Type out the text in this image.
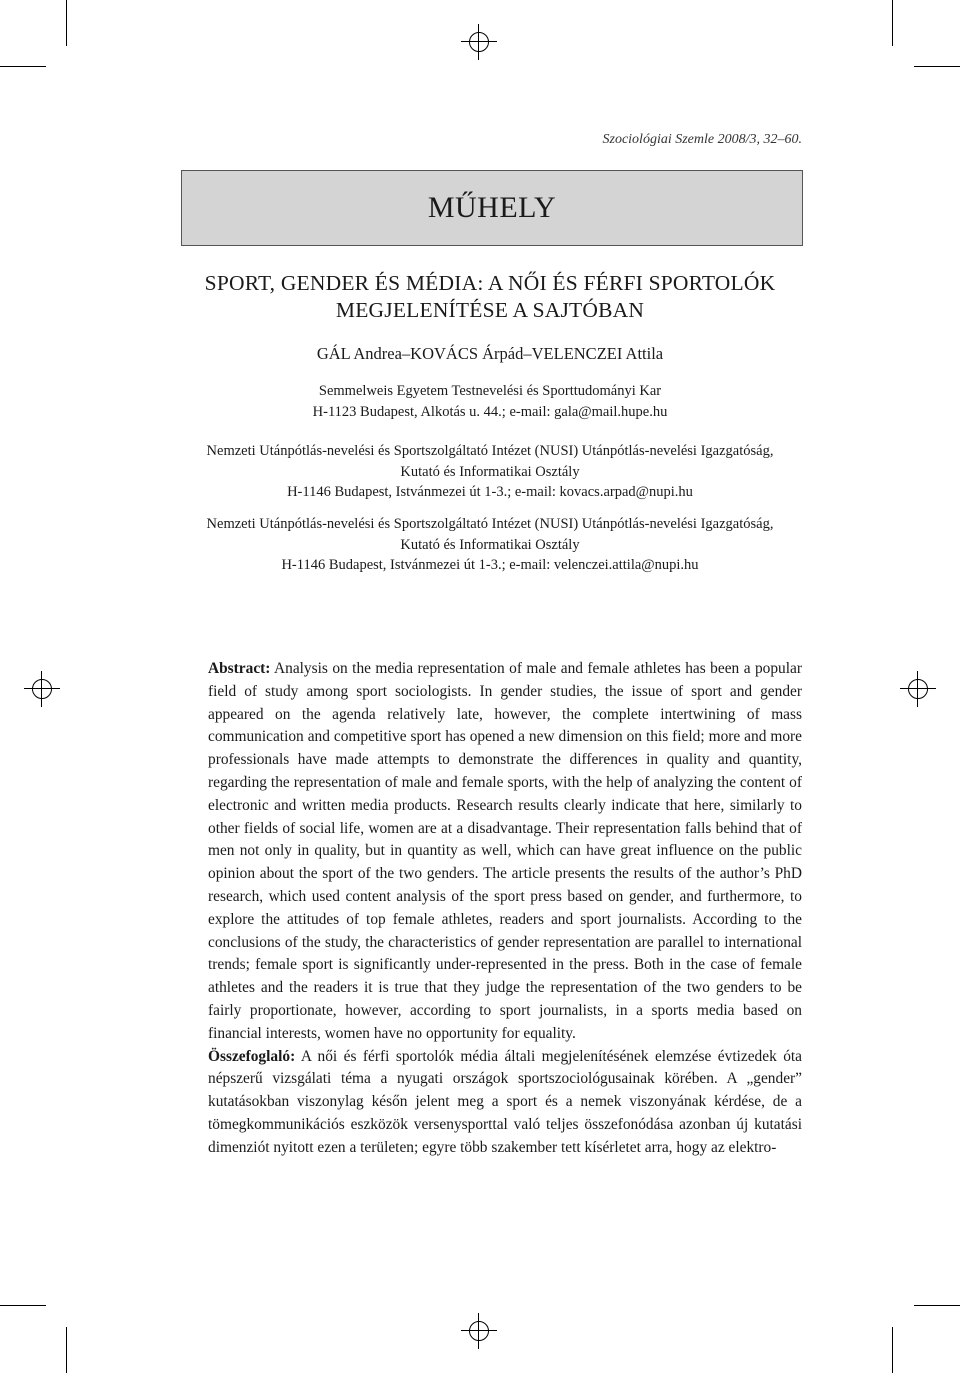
Szociológiai Szemle 2008/3, 32–60.
MŰHELY
SPORT, GENDER ÉS MÉDIA: A NŐI ÉS FÉRFI SPORTOLÓK
MEGJELENÍTÉSE A SAJTÓBAN
GÁL Andrea–KOVÁCS Árpád–VELENCZEI Attila
Semmelweis Egyetem Testnevelési és Sporttudományi Kar
H-1123 Budapest, Alkotás u. 44.; e-mail: gala@mail.hupe.hu
Nemzeti Utánpótlás-nevelési és Sportszolgáltató Intézet (NUSI) Utánpótlás-nevelési Igazgatóság,
Kutató és Informatikai Osztály
H-1146 Budapest, Istvánmezei út 1-3.; e-mail: kovacs.arpad@nupi.hu
Nemzeti Utánpótlás-nevelési és Sportszolgáltató Intézet (NUSI) Utánpótlás-nevelési Igazgatóság,
Kutató és Informatikai Osztály
H-1146 Budapest, Istvánmezei út 1-3.; e-mail: velenczei.attila@nupi.hu

Abstract: Analysis on the media representation of male and female athletes has been a popular field of study among sport sociologists. In gender studies, the issue of sport and gender appeared on the agenda relatively late, however, the complete intertwining of mass communication and competitive sport has opened a new dimension on this field; more and more professionals have made attempts to demonstrate the differences in quality and quantity, regarding the representation of male and female sports, with the help of analyzing the content of electronic and written media products. Research results clearly indicate that here, similarly to other fields of social life, women are at a disadvantage. Their representation falls behind that of men not only in quality, but in quantity as well, which can have great influence on the public opinion about the sport of the two genders. The article presents the results of the author’s PhD research, which used content analysis of the sport press based on gender, and furthermore, to explore the attitudes of top female athletes, readers and sport journalists. According to the conclusions of the study, the characteristics of gender representation are parallel to international trends; female sport is significantly under-represented in the press. Both in the case of female athletes and the readers it is true that they judge the representation of the two genders to be fairly proportionate, however, according to sport journalists, in a sports media based on financial interests, women have no opportunity for equality.

Összefoglaló: A női és férfi sportolók média általi megjelenítésének elemzése évtizedek óta népszerű vizsgálati téma a nyugati országok sportszociológusainak körében. A „gender” kutatásokban viszonylag későn jelent meg a sport és a nemek viszonyának kérdése, de a tömegkommunikációs eszközök versenysporttal való teljes összefonódása azonban új kutatási dimenziót nyitott ezen a területen; egyre több szakember tett kísérletet arra, hogy az elektro-
